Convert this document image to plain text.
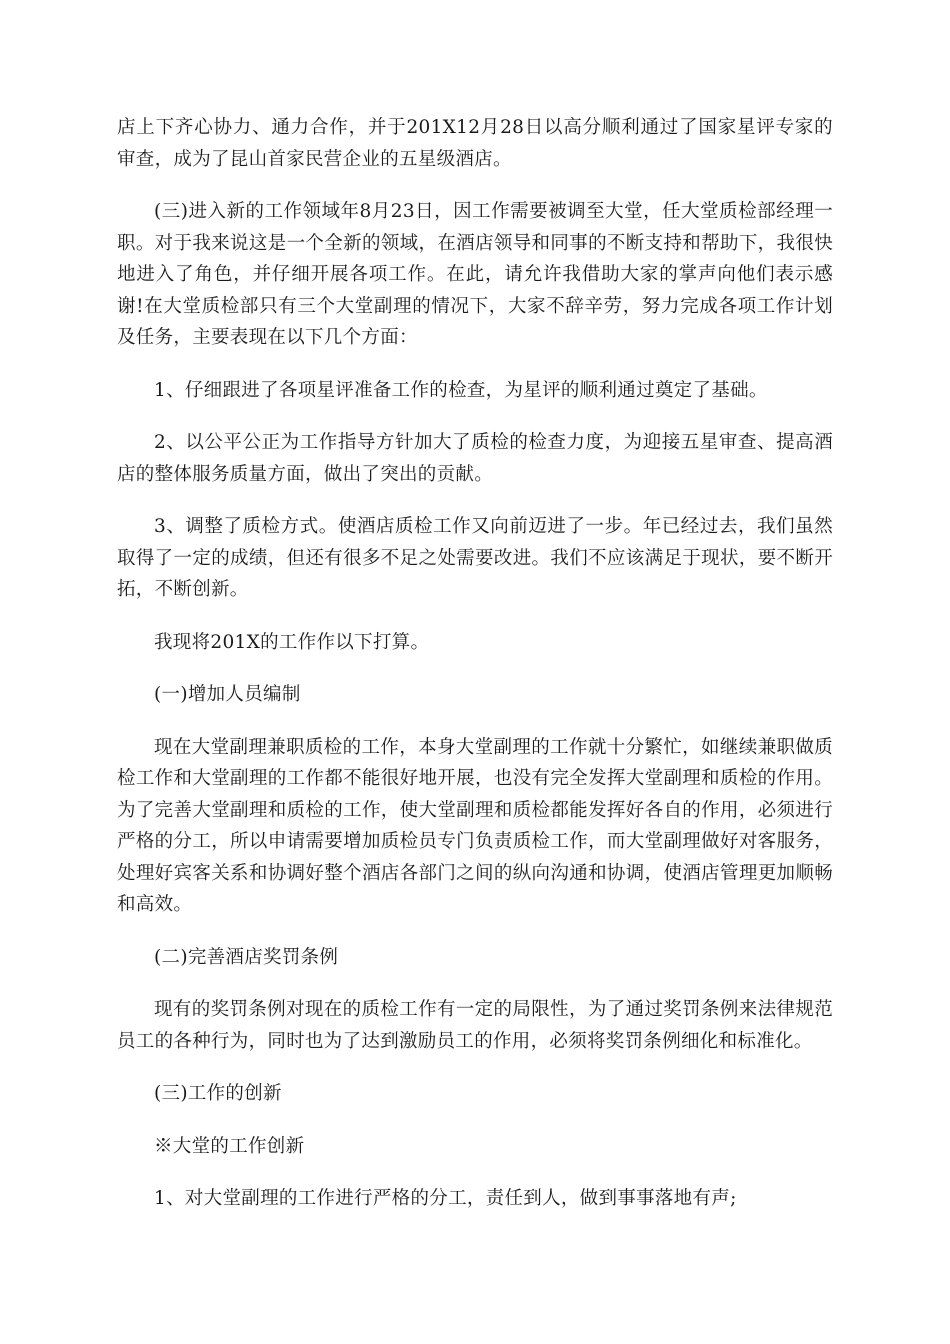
店上下齐心协力、通力合作，并于201X12月28日以高分顺利通过了国家星评专家的审查，成为了昆山首家民营企业的五星级酒店。

(三)进入新的工作领域年8月23日，因工作需要被调至大堂，任大堂质检部经理一职。对于我来说这是一个全新的领域，在酒店领导和同事的不断支持和帮助下，我很快地进入了角色，并仔细开展各项工作。在此，请允许我借助大家的掌声向他们表示感谢!在大堂质检部只有三个大堂副理的情况下，大家不辞辛劳，努力完成各项工作计划及任务，主要表现在以下几个方面：

1、仔细跟进了各项星评准备工作的检查，为星评的顺利通过奠定了基础。

2、以公平公正为工作指导方针加大了质检的检查力度，为迎接五星审查、提高酒店的整体服务质量方面，做出了突出的贡献。

3、调整了质检方式。使酒店质检工作又向前迈进了一步。年已经过去，我们虽然取得了一定的成绩，但还有很多不足之处需要改进。我们不应该满足于现状，要不断开拓，不断创新。

我现将201X的工作作以下打算。

(一)增加人员编制

现在大堂副理兼职质检的工作，本身大堂副理的工作就十分繁忙，如继续兼职做质检工作和大堂副理的工作都不能很好地开展，也没有完全发挥大堂副理和质检的作用。为了完善大堂副理和质检的工作，使大堂副理和质检都能发挥好各自的作用，必须进行严格的分工，所以申请需要增加质检员专门负责质检工作，而大堂副理做好对客服务，处理好宾客关系和协调好整个酒店各部门之间的纵向沟通和协调，使酒店管理更加顺畅和高效。

(二)完善酒店奖罚条例

现有的奖罚条例对现在的质检工作有一定的局限性，为了通过奖罚条例来法律规范员工的各种行为，同时也为了达到激励员工的作用，必须将奖罚条例细化和标准化。

(三)工作的创新

※大堂的工作创新

1、对大堂副理的工作进行严格的分工，责任到人，做到事事落地有声;
